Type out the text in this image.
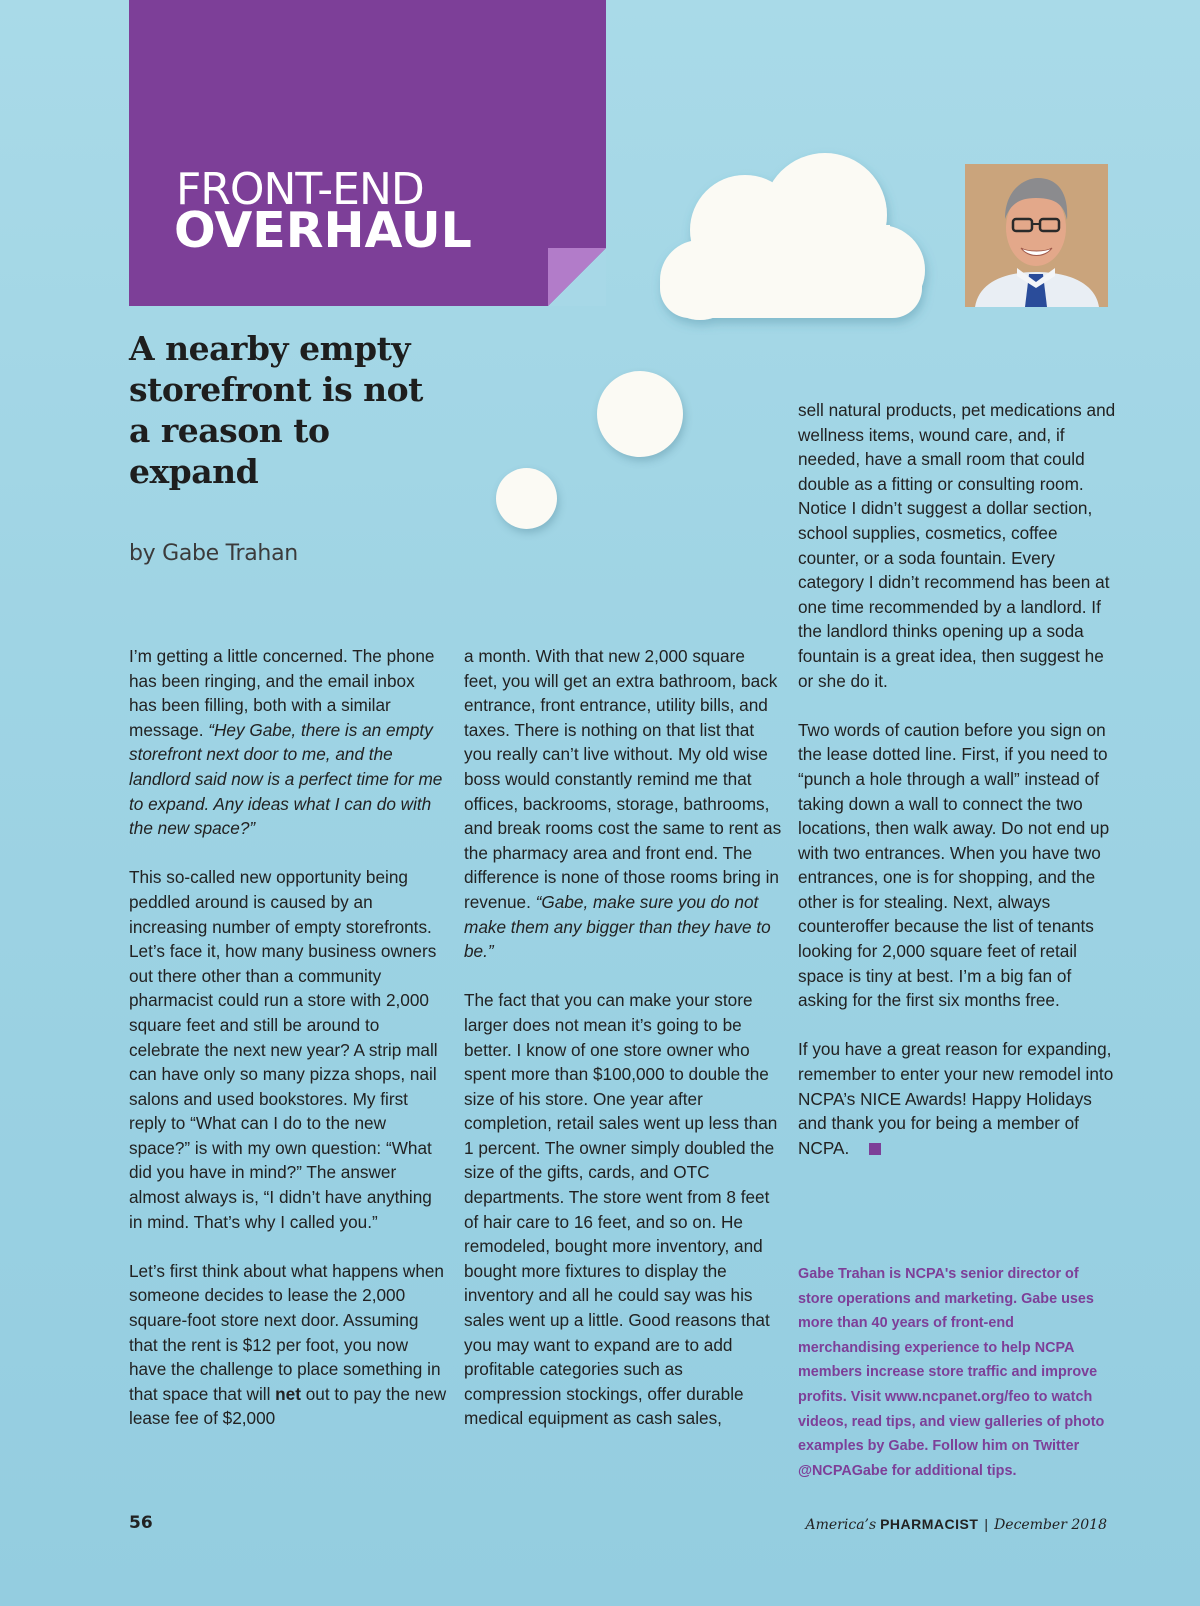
FRONT-END
OVERHAUL
A nearby empty storefront is not a reason to expand
by Gabe Trahan

I’m getting a little concerned. The phone has been ringing, and the email inbox has been filling, both with a similar message. “Hey Gabe, there is an empty storefront next door to me, and the landlord said now is a perfect time for me to expand. Any ideas what I can do with the new space?”

This so-called new opportunity being peddled around is caused by an increasing number of empty storefronts. Let’s face it, how many business owners out there other than a community pharmacist could run a store with 2,000 square feet and still be around to celebrate the next new year? A strip mall can have only so many pizza shops, nail salons and used bookstores. My first reply to “What can I do to the new space?” is with my own question: “What did you have in mind?” The answer almost always is, “I didn’t have anything in mind. That’s why I called you.”

Let’s first think about what happens when someone decides to lease the 2,000 square-foot store next door. Assuming that the rent is $12 per foot, you now have the challenge to place something in that space that will net out to pay the new lease fee of $2,000

a month. With that new 2,000 square feet, you will get an extra bathroom, back entrance, front entrance, utility bills, and taxes. There is nothing on that list that you really can’t live without. My old wise boss would constantly remind me that offices, backrooms, storage, bathrooms, and break rooms cost the same to rent as the pharmacy area and front end. The difference is none of those rooms bring in revenue. “Gabe, make sure you do not make them any bigger than they have to be.”

The fact that you can make your store larger does not mean it’s going to be better. I know of one store owner who spent more than $100,000 to double the size of his store. One year after completion, retail sales went up less than 1 percent. The owner simply doubled the size of the gifts, cards, and OTC departments. The store went from 8 feet of hair care to 16 feet, and so on. He remodeled, bought more inventory, and bought more fixtures to display the inventory and all he could say was his sales went up a little. Good reasons that you may want to expand are to add profitable categories such as compression stockings, offer durable medical equipment as cash sales,

sell natural products, pet medications and wellness items, wound care, and, if needed, have a small room that could double as a fitting or consulting room. Notice I didn’t suggest a dollar section, school supplies, cosmetics, coffee counter, or a soda fountain. Every category I didn’t recommend has been at one time recommended by a landlord. If the landlord thinks opening up a soda fountain is a great idea, then suggest he or she do it.

Two words of caution before you sign on the lease dotted line. First, if you need to “punch a hole through a wall” instead of taking down a wall to connect the two locations, then walk away. Do not end up with two entrances. When you have two entrances, one is for shopping, and the other is for stealing. Next, always counteroffer because the list of tenants looking for 2,000 square feet of retail space is tiny at best. I’m a big fan of asking for the first six months free.

If you have a great reason for expanding, remember to enter your new remodel into NCPA’s NICE Awards! Happy Holidays and thank you for being a member of NCPA.

Gabe Trahan is NCPA's senior director of store operations and marketing. Gabe uses more than 40 years of front-end merchandising experience to help NCPA members increase store traffic and improve profits. Visit www.ncpanet.org/feo to watch videos, read tips, and view galleries of photo examples by Gabe. Follow him on Twitter @NCPAGabe for additional tips.
56	America’s PHARMACIST | December 2018
